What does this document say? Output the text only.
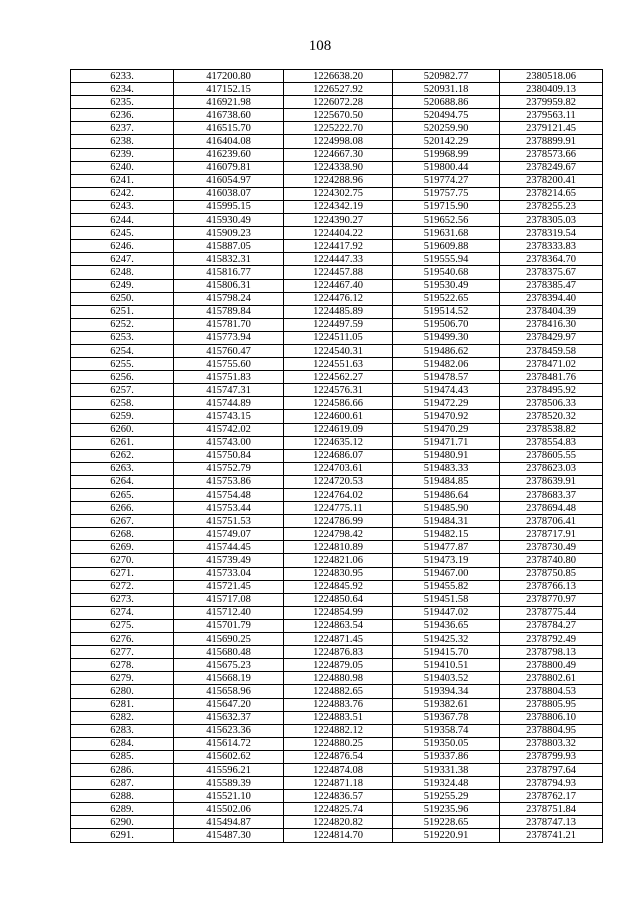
108
6233.	417200.80	1226638.20	520982.77	2380518.06
6234.	417152.15	1226527.92	520931.18	2380409.13
6235.	416921.98	1226072.28	520688.86	2379959.82
6236.	416738.60	1225670.50	520494.75	2379563.11
6237.	416515.70	1225222.70	520259.90	2379121.45
6238.	416404.08	1224998.08	520142.29	2378899.91
6239.	416239.60	1224667.30	519968.99	2378573.66
6240.	416079.81	1224338.90	519800.44	2378249.67
6241.	416054.97	1224288.96	519774.27	2378200.41
6242.	416038.07	1224302.75	519757.75	2378214.65
6243.	415995.15	1224342.19	519715.90	2378255.23
6244.	415930.49	1224390.27	519652.56	2378305.03
6245.	415909.23	1224404.22	519631.68	2378319.54
6246.	415887.05	1224417.92	519609.88	2378333.83
6247.	415832.31	1224447.33	519555.94	2378364.70
6248.	415816.77	1224457.88	519540.68	2378375.67
6249.	415806.31	1224467.40	519530.49	2378385.47
6250.	415798.24	1224476.12	519522.65	2378394.40
6251.	415789.84	1224485.89	519514.52	2378404.39
6252.	415781.70	1224497.59	519506.70	2378416.30
6253.	415773.94	1224511.05	519499.30	2378429.97
6254.	415760.47	1224540.31	519486.62	2378459.58
6255.	415755.60	1224551.63	519482.06	2378471.02
6256.	415751.83	1224562.27	519478.57	2378481.76
6257.	415747.31	1224576.31	519474.43	2378495.92
6258.	415744.89	1224586.66	519472.29	2378506.33
6259.	415743.15	1224600.61	519470.92	2378520.32
6260.	415742.02	1224619.09	519470.29	2378538.82
6261.	415743.00	1224635.12	519471.71	2378554.83
6262.	415750.84	1224686.07	519480.91	2378605.55
6263.	415752.79	1224703.61	519483.33	2378623.03
6264.	415753.86	1224720.53	519484.85	2378639.91
6265.	415754.48	1224764.02	519486.64	2378683.37
6266.	415753.44	1224775.11	519485.90	2378694.48
6267.	415751.53	1224786.99	519484.31	2378706.41
6268.	415749.07	1224798.42	519482.15	2378717.91
6269.	415744.45	1224810.89	519477.87	2378730.49
6270.	415739.49	1224821.06	519473.19	2378740.80
6271.	415733.04	1224830.95	519467.00	2378750.85
6272.	415721.45	1224845.92	519455.82	2378766.13
6273.	415717.08	1224850.64	519451.58	2378770.97
6274.	415712.40	1224854.99	519447.02	2378775.44
6275.	415701.79	1224863.54	519436.65	2378784.27
6276.	415690.25	1224871.45	519425.32	2378792.49
6277.	415680.48	1224876.83	519415.70	2378798.13
6278.	415675.23	1224879.05	519410.51	2378800.49
6279.	415668.19	1224880.98	519403.52	2378802.61
6280.	415658.96	1224882.65	519394.34	2378804.53
6281.	415647.20	1224883.76	519382.61	2378805.95
6282.	415632.37	1224883.51	519367.78	2378806.10
6283.	415623.36	1224882.12	519358.74	2378804.95
6284.	415614.72	1224880.25	519350.05	2378803.32
6285.	415602.62	1224876.54	519337.86	2378799.93
6286.	415596.21	1224874.08	519331.38	2378797.64
6287.	415589.39	1224871.18	519324.48	2378794.93
6288.	415521.10	1224836.57	519255.29	2378762.17
6289.	415502.06	1224825.74	519235.96	2378751.84
6290.	415494.87	1224820.82	519228.65	2378747.13
6291.	415487.30	1224814.70	519220.91	2378741.21
